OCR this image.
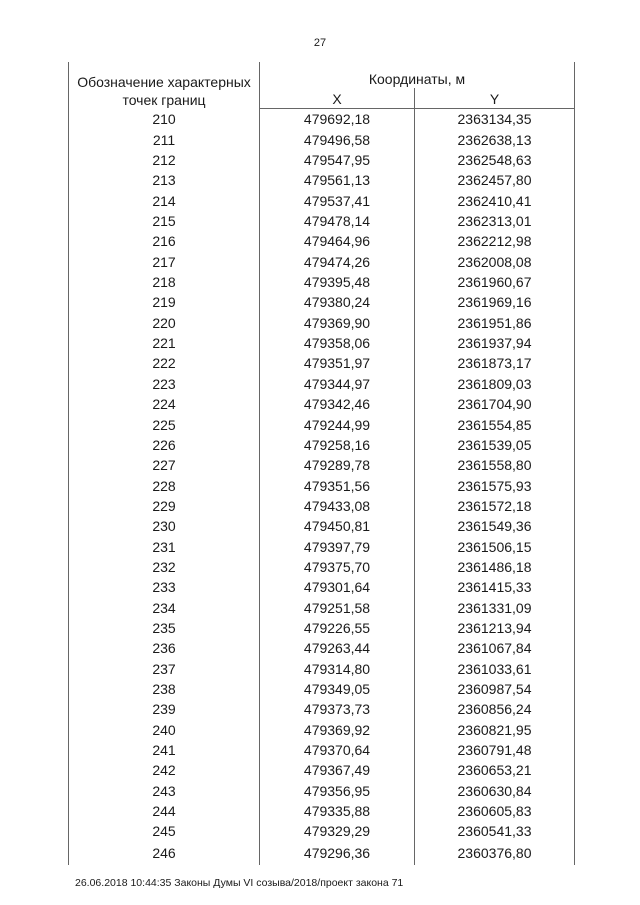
27
Обозначение характерных точек границ	Координаты, м	
	X	Y
210	479692,18	2363134,35
211	479496,58	2362638,13
212	479547,95	2362548,63
213	479561,13	2362457,80
214	479537,41	2362410,41
215	479478,14	2362313,01
216	479464,96	2362212,98
217	479474,26	2362008,08
218	479395,48	2361960,67
219	479380,24	2361969,16
220	479369,90	2361951,86
221	479358,06	2361937,94
222	479351,97	2361873,17
223	479344,97	2361809,03
224	479342,46	2361704,90
225	479244,99	2361554,85
226	479258,16	2361539,05
227	479289,78	2361558,80
228	479351,56	2361575,93
229	479433,08	2361572,18
230	479450,81	2361549,36
231	479397,79	2361506,15
232	479375,70	2361486,18
233	479301,64	2361415,33
234	479251,58	2361331,09
235	479226,55	2361213,94
236	479263,44	2361067,84
237	479314,80	2361033,61
238	479349,05	2360987,54
239	479373,73	2360856,24
240	479369,92	2360821,95
241	479370,64	2360791,48
242	479367,49	2360653,21
243	479356,95	2360630,84
244	479335,88	2360605,83
245	479329,29	2360541,33
246	479296,36	2360376,80
26.06.2018 10:44:35 Законы Думы VI созыва/2018/проект закона 71
